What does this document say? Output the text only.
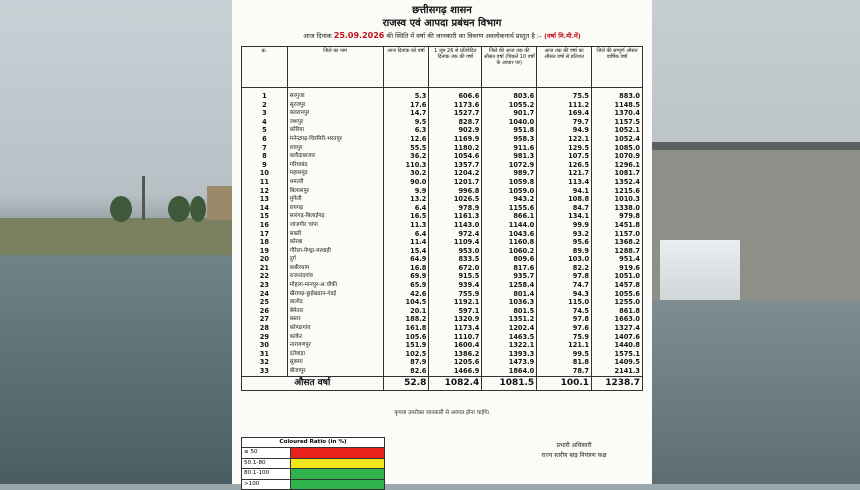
छत्तीसगढ़ शासन
राजस्व एवं आपदा प्रबंधन विभाग
आज दिनांक 25.09.2026 की स्थिति में वर्षा की जानकारी का विवरण अवलोकनार्थ प्रस्तुत है :– (वर्षा मि.मी.में)
क्र.	जिले का नाम	आज दिनांक को वर्षा	1 जून 26 से प्रतिवेदित दिनांक तक की वर्षा	जिले की आज तक की औसत वर्षा (पिछले 10 वर्षों के आधार पर)	आज तक की वर्षा का औसत वर्षा से प्रतिशत	जिले की सम्पूर्ण औसत वार्षिक वर्षा

1	सरगुजा	5.3	606.6	803.6	75.5	883.0
2	सूरजपुर	17.6	1173.6	1055.2	111.2	1148.5
3	बलरामपुर	14.7	1527.7	901.7	169.4	1370.4
4	जशपुर	9.5	828.7	1040.0	79.7	1157.5
5	कोरिया	6.3	902.9	951.8	94.9	1052.1
6	मनेन्द्रगढ़-चिरमिरी-भरतपुर	12.6	1169.9	958.3	122.1	1052.4
7	रायपुर	55.5	1180.2	911.6	129.5	1085.0
8	बलौदाबाजार	36.2	1054.6	981.3	107.5	1070.9
9	गरियाबंद	110.3	1357.7	1072.9	126.5	1296.1
10	महासमुंद	30.2	1204.2	989.7	121.7	1081.7
11	धमतरी	90.0	1201.7	1059.8	113.4	1352.4
12	बिलासपुर	9.9	996.8	1059.0	94.1	1215.6
13	मुंगेली	13.2	1026.5	943.2	108.8	1010.3
14	रायगढ़	6.4	978.9	1155.6	84.7	1338.0
15	सारंगढ़-बिलाईगढ़	16.5	1161.3	866.1	134.1	979.8
16	जांजगीर चांपा	11.3	1143.0	1144.0	99.9	1451.8
17	सक्ती	6.4	972.4	1043.6	93.2	1157.0
18	कोरबा	11.4	1109.4	1160.8	95.6	1368.2
19	गौरेला-पेण्ड्रा-मरवाही	15.4	953.0	1060.2	89.9	1288.7
20	दुर्ग	64.9	833.5	809.6	103.0	951.4
21	कबीरधाम	16.8	672.0	817.6	82.2	919.6
22	राजनांदगांव	69.9	915.5	935.7	97.8	1051.0
23	मोहला-मानपुर-अ.चौकी	65.9	939.4	1258.4	74.7	1457.8
24	खैरागढ़-छुईखदान-गंडई	42.6	755.9	801.4	94.3	1055.6
25	बालोद	104.5	1192.1	1036.3	115.0	1255.0
26	बेमेतरा	20.1	597.1	801.5	74.5	861.8
27	बस्तर	188.2	1320.9	1351.2	97.8	1663.0
28	कोण्डागांव	161.8	1173.4	1202.4	97.6	1327.4
29	कांकेर	105.6	1110.7	1463.5	75.9	1407.6
30	नारायणपुर	151.9	1600.4	1322.1	121.1	1440.8
31	दंतेवाड़ा	102.5	1386.2	1393.3	99.5	1575.1
32	सुकमा	87.9	1205.6	1473.9	81.8	1409.5
33	बीजापुर	82.6	1466.9	1864.0	78.7	2141.3
औसत वर्षा		52.8	1082.4	1081.5	100.1	1238.7
कृपया उपरोक्त जानकारी से अवगत होना चाहेंगे।
Coloured Ratio (in %)
≤ 50
50.1-80
80.1-100
>100
प्रभारी अधिकारी
राज्य स्तरीय बाढ़ नियंत्रण कक्ष
